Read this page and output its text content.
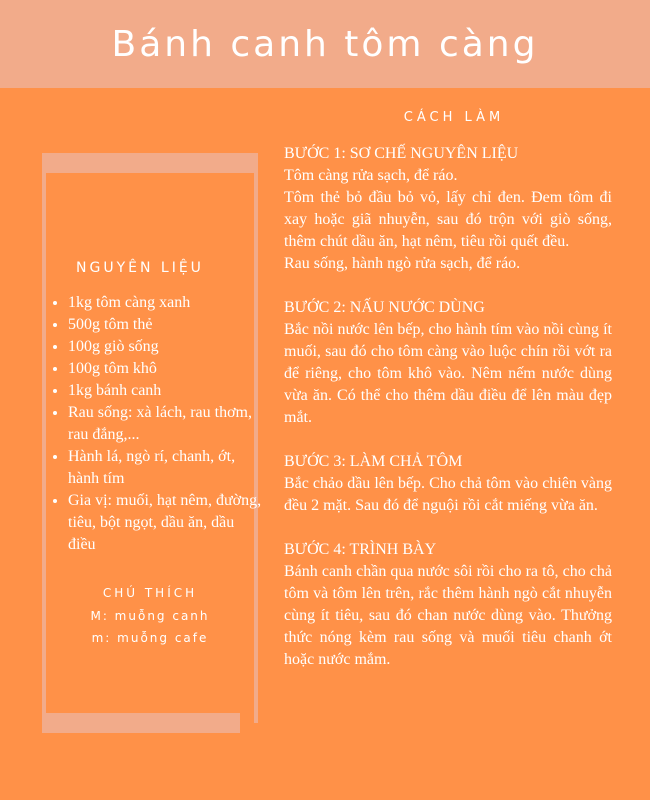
Bánh canh tôm càng
NGUYÊN LIỆU
• 1kg tôm càng xanh
• 500g tôm thẻ
• 100g giò sống
• 100g tôm khô
• 1kg bánh canh
• Rau sống: xà lách, rau thơm, rau đắng,...
• Hành lá, ngò rí, chanh, ớt, hành tím
• Gia vị: muối, hạt nêm, đường, tiêu, bột ngọt, dầu ăn, dầu điều
CHÚ THÍCH

M: muỗng canh

m: muỗng cafe

CÁCH LÀM
BƯỚC 1: SƠ CHẾ NGUYÊN LIỆU

Tôm càng rửa sạch, để ráo.

Tôm thẻ bỏ đầu bỏ vỏ, lấy chỉ đen. Đem tôm đi xay hoặc giã nhuyễn, sau đó trộn với giò sống, thêm chút dầu ăn, hạt nêm, tiêu rồi quết đều.

Rau sống, hành ngò rửa sạch, để ráo.

BƯỚC 2: NẤU NƯỚC DÙNG

Bắc nồi nước lên bếp, cho hành tím vào nồi cùng ít muối, sau đó cho tôm càng vào luộc chín rồi vớt ra để riêng, cho tôm khô vào. Nêm nếm nước dùng vừa ăn. Có thể cho thêm dầu điều để lên màu đẹp mắt.

BƯỚC 3: LÀM CHẢ TÔM

Bắc chảo dầu lên bếp. Cho chả tôm vào chiên vàng đều 2 mặt. Sau đó để nguội rồi cắt miếng vừa ăn.

BƯỚC 4: TRÌNH BÀY

Bánh canh chần qua nước sôi rồi cho ra tô, cho chả tôm và tôm lên trên, rắc thêm hành ngò cắt nhuyễn cùng ít tiêu, sau đó chan nước dùng vào. Thưởng thức nóng kèm rau sống và muối tiêu chanh ớt hoặc nước mắm.
